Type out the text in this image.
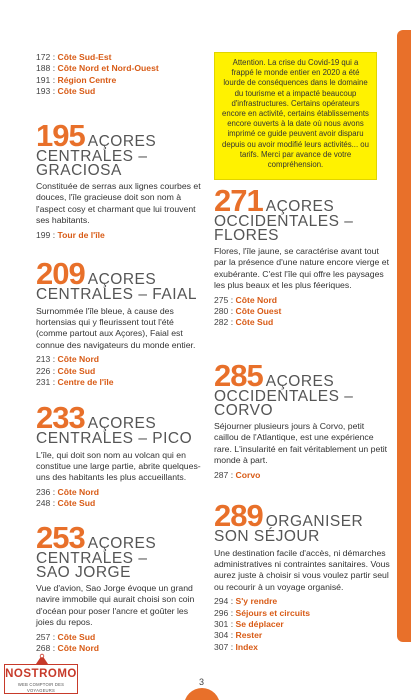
172 : Côte Sud-Est
188 : Côte Nord et Nord-Ouest
191 : Région Centre
193 : Côte Sud
Attention. La crise du Covid-19 qui a frappé le monde entier en 2020 a été lourde de conséquences dans le domaine du tourisme et a impacté beaucoup d'infrastructures. Certains opérateurs encore en activité, certains établissements encore ouverts à la date où nous avons imprimé ce guide peuvent avoir disparu depuis ou avoir modifié leurs activités... ou tarifs. Merci par avance de votre compréhension.
195 AÇORES
CENTRALES –
GRACIOSA
Constituée de serras aux lignes courbes et douces, l'île gracieuse doit son nom à l'aspect cosy et charmant que lui trouvent ses habitants.
199 : Tour de l'île
209 AÇORES
CENTRALES – FAIAL
Surnommée l'île bleue, à cause des hortensias qui y fleurissent tout l'été (comme partout aux Açores), Faial est connue des navigateurs du monde entier.
213 : Côte Nord
226 : Côte Sud
231 : Centre de l'île
233 AÇORES
CENTRALES – PICO
L'île, qui doit son nom au volcan qui en constitue une large partie, abrite quelques-uns des habitants les plus accueillants.
236 : Côte Nord
248 : Côte Sud
253 AÇORES
CENTRALES –
SAO JORGE
Vue d'avion, Sao Jorge évoque un grand navire immobile qui aurait choisi son coin d'océan pour poser l'ancre et goûter les joies du repos.
257 : Côte Sud
268 : Côte Nord
271 AÇORES
OCCIDENTALES –
FLORES
Flores, l'île jaune, se caractérise avant tout par la présence d'une nature encore vierge et exubérante. C'est l'île qui offre les paysages les plus beaux et les plus féeriques.
275 : Côte Nord
280 : Côte Ouest
282 : Côte Sud
285 AÇORES
OCCIDENTALES –
CORVO
Séjourner plusieurs jours à Corvo, petit caillou de l'Atlantique, est une expérience rare. L'insularité en fait véritablement un petit monde à part.
287 : Corvo
289 ORGANISER
SON SÉJOUR
Une destination facile d'accès, ni démarches administratives ni contraintes sanitaires. Vous aurez juste à choisir si vous voulez partir seul ou recourir à un voyage organisé.
294 : S'y rendre
296 : Séjours et circuits
301 : Se déplacer
304 : Rester
307 : Index
3
NOSTROMO
WEB COMPTOIR DES VOYAGEURS
